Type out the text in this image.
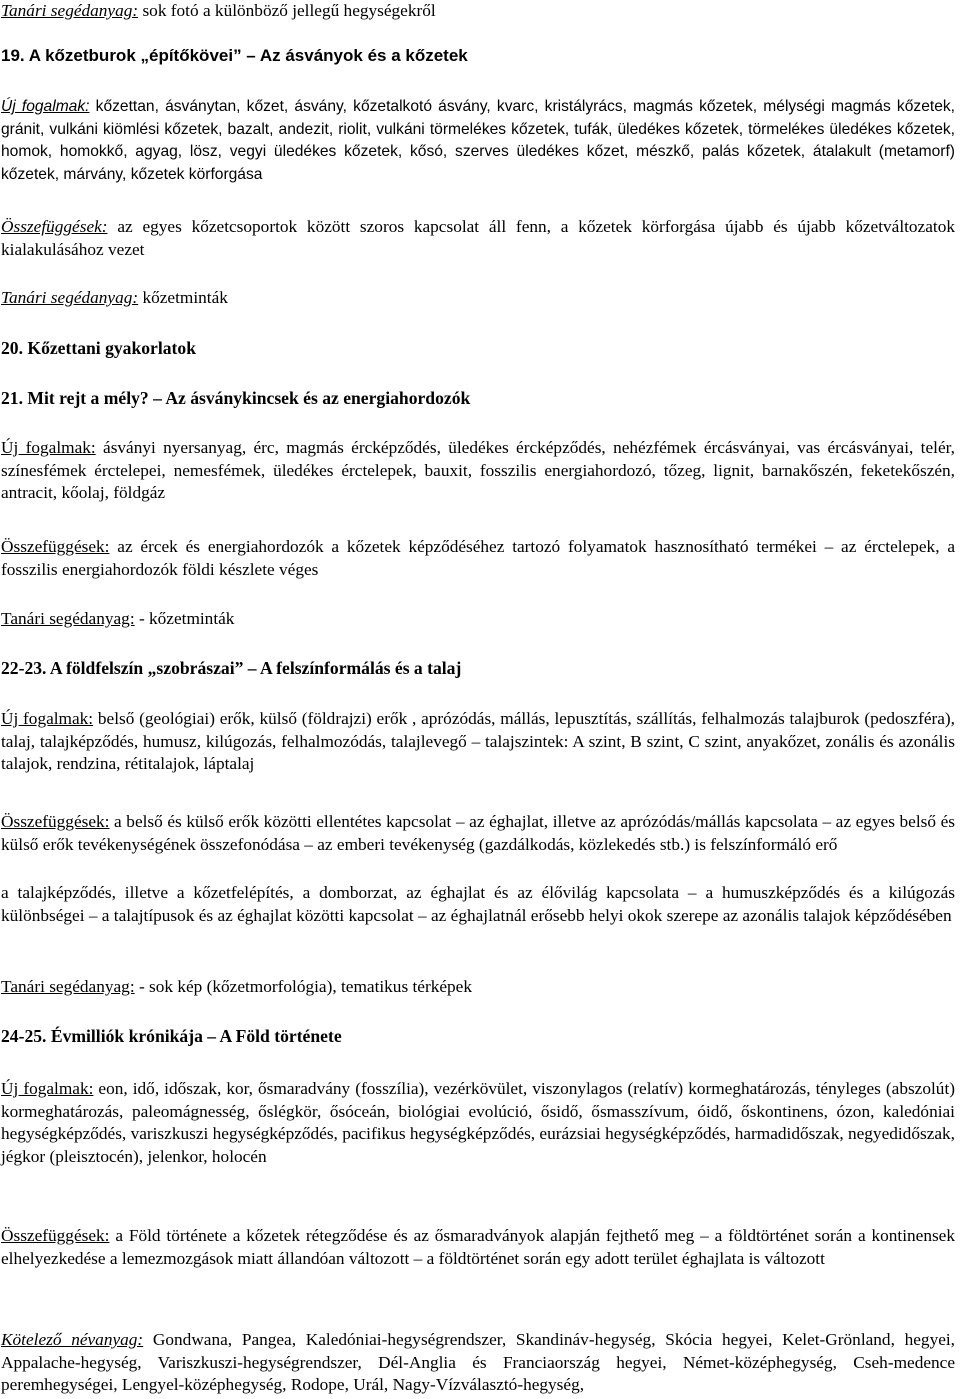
Tanári segédanyag: sok fotó a különböző jellegű hegységekről
19. A kőzetburok „építőkövei” – Az ásványok és a kőzetek
Új fogalmak: kőzettan, ásványtan, kőzet, ásvány, kőzetalkotó ásvány, kvarc, kristályrács, magmás kőzetek, mélységi magmás kőzetek, gránit, vulkáni kiömlési kőzetek, bazalt, andezit, riolit, vulkáni törmelékes kőzetek, tufák, üledékes kőzetek, törmelékes üledékes kőzetek, homok, homokkő, agyag, lösz, vegyi üledékes kőzetek, kősó, szerves üledékes kőzet, mészkő, palás kőzetek, átalakult (metamorf) kőzetek, márvány, kőzetek körforgása
Összefüggések: az egyes kőzetcsoportok között szoros kapcsolat áll fenn, a kőzetek körforgása újabb és újabb kőzetváltozatok kialakulásához vezet
Tanári segédanyag: kőzetminták
20. Kőzettani gyakorlatok
21. Mit rejt a mély? – Az ásványkincsek és az energiahordozók
Új fogalmak: ásványi nyersanyag, érc, magmás ércképződés, üledékes ércképződés, nehézfémek ércásványai, vas ércásványai, telér, színesfémek érctelepei, nemesfémek, üledékes érctelepek, bauxit, fosszilis energiahordozó, tőzeg, lignit, barnakőszén, feketekőszén, antracit, kőolaj, földgáz
Összefüggések: az ércek és energiahordozók a kőzetek képződéséhez tartozó folyamatok hasznosítható termékei – az érctelepek, a fosszilis energiahordozók földi készlete véges
Tanári segédanyag: - kőzetminták
22-23. A földfelszín „szobrászai” – A felszínformálás és a talaj
Új fogalmak: belső (geológiai) erők, külső (földrajzi) erők , aprózódás, mállás, lepusztítás, szállítás, felhalmozás talajburok (pedoszféra), talaj, talajképződés, humusz, kilúgozás, felhalmozódás, talajlevegő – talajszintek: A szint, B szint, C szint, anyakőzet, zonális és azonális talajok, rendzina, rétitalajok, láptalaj
Összefüggések: a belső és külső erők közötti ellentétes kapcsolat – az éghajlat, illetve az aprózódás/mállás kapcsolata – az egyes belső és külső erők tevékenységének összefonódása – az emberi tevékenység (gazdálkodás, közlekedés stb.) is felszínformáló erő
a talajképződés, illetve a kőzetfelépítés, a domborzat, az éghajlat és az élővilág kapcsolata – a humuszképződés és a kilúgozás különbségei – a talajtípusok és az éghajlat közötti kapcsolat – az éghajlatnál erősebb helyi okok szerepe az azonális talajok képződésében
Tanári segédanyag: - sok kép (kőzetmorfológia), tematikus térképek
24-25. Évmilliók krónikája – A Föld története
Új fogalmak: eon, idő, időszak, kor, ősmaradvány (fosszília), vezérkövület, viszonylagos (relatív) kormeghatározás, tényleges (abszolút) kormeghatározás, paleomágnesség, őslégkör, ősóceán, biológiai evolúció, ősidő, ősmasszívum, óidő, őskontinens, ózon, kaledóniai hegységképződés, variszkuszi hegységképződés, pacifikus hegységképződés, eurázsiai hegységképződés, harmadidőszak, negyedidőszak, jégkor (pleisztocén), jelenkor, holocén
Összefüggések: a Föld története a kőzetek rétegződése és az ősmaradványok alapján fejthető meg – a földtörténet során a kontinensek elhelyezkedése a lemezmozgások miatt állandóan változott – a földtörténet során egy adott terület éghajlata is változott
Kötelező névanyag: Gondwana, Pangea, Kaledóniai-hegységrendszer, Skandináv-hegység, Skócia hegyei, Kelet-Grönland, hegyei, Appalache-hegység, Variszkuszi-hegységrendszer, Dél-Anglia és Franciaország hegyei, Német-középhegység, Cseh-medence peremhegységei, Lengyel-középhegység, Rodope, Urál, Nagy-Vízválasztó-hegység,
